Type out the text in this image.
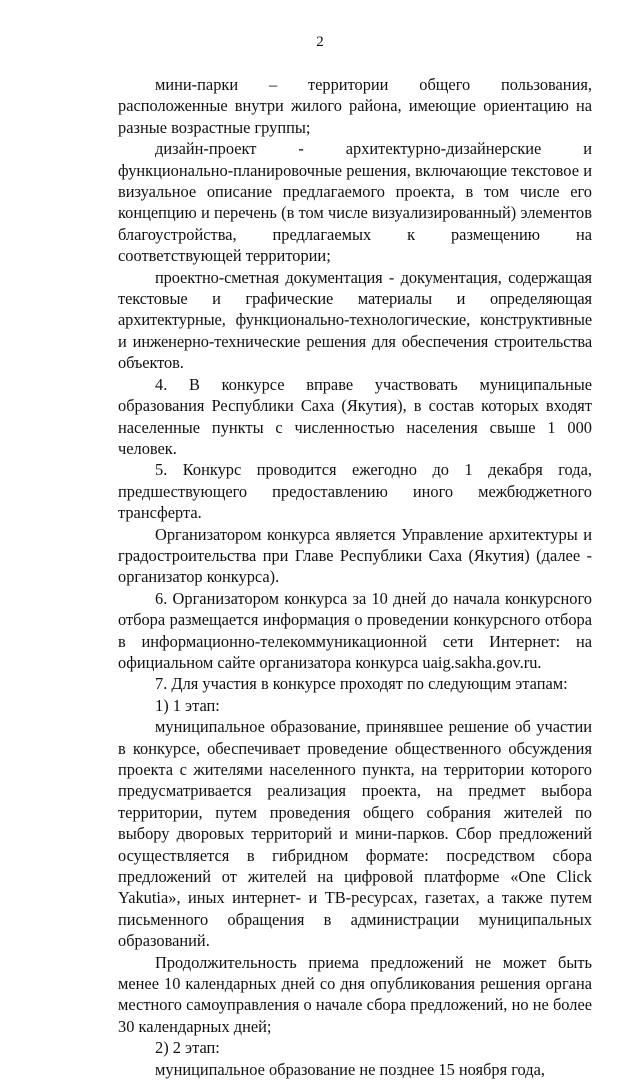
2

мини-парки – территории общего пользования, расположенные внутри жилого района, имеющие ориентацию на разные возрастные группы;

дизайн-проект - архитектурно-дизайнерские и функционально-планировочные решения, включающие текстовое и визуальное описание предлагаемого проекта, в том числе его концепцию и перечень (в том числе визуализированный) элементов благоустройства, предлагаемых к размещению на соответствующей территории;

проектно-сметная документация - документация, содержащая текстовые и графические материалы и определяющая архитектурные, функционально-технологические, конструктивные и инженерно-технические решения для обеспечения строительства объектов.

4. В конкурсе вправе участвовать муниципальные образования Республики Саха (Якутия), в состав которых входят населенные пункты с численностью населения свыше 1 000 человек.

5. Конкурс проводится ежегодно до 1 декабря года, предшествующего предоставлению иного межбюджетного трансферта.

Организатором конкурса является Управление архитектуры и градостроительства при Главе Республики Саха (Якутия) (далее - организатор конкурса).

6. Организатором конкурса за 10 дней до начала конкурсного отбора размещается информация о проведении конкурсного отбора в информационно-телекоммуникационной сети Интернет: на официальном сайте организатора конкурса uaig.sakha.gov.ru.

7. Для участия в конкурсе проходят по следующим этапам:

1) 1 этап:

муниципальное образование, принявшее решение об участии в конкурсе, обеспечивает проведение общественного обсуждения проекта с жителями населенного пункта, на территории которого предусматривается реализация проекта, на предмет выбора территории, путем проведения общего собрания жителей по выбору дворовых территорий и мини-парков. Сбор предложений осуществляется в гибридном формате: посредством сбора предложений от жителей на цифровой платформе «One Click Yakutia», иных интернет- и ТВ-ресурсах, газетах, а также путем письменного обращения в администрации муниципальных образований.

Продолжительность приема предложений не может быть менее 10 календарных дней со дня опубликования решения органа местного самоуправления о начале сбора предложений, но не более 30 календарных дней;

2) 2 этап:

муниципальное образование не позднее 15 ноября года,
